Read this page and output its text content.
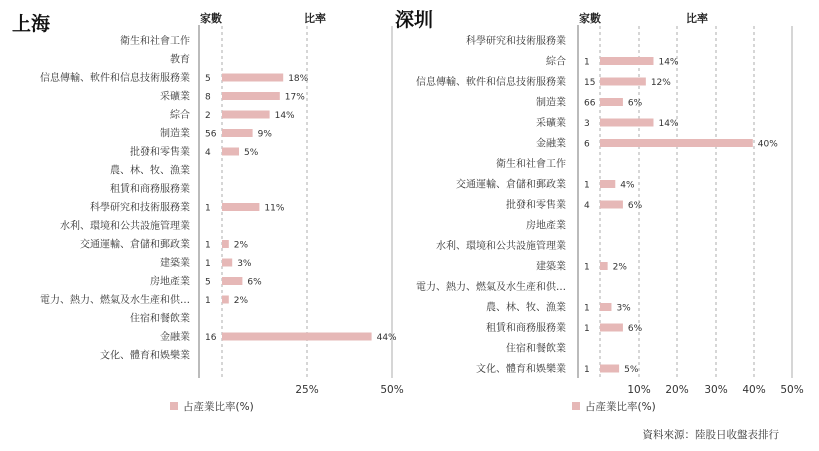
上海	家數	比率
衛生和社會工作
教育
信息傳輸、軟件和信息技術服務業 5	18%
采礦業 8	17%
綜合 2	14%
制造業 56	9%
批發和零售業 4	5%
農、林、牧、漁業
租賃和商務服務業
科學研究和技術服務業 1	11%
水利、環境和公共設施管理業
交通運輸、倉儲和郵政業 1	2%
建築業 1	3%
房地產業 5	6%
電力、熱力、燃氣及水生產和供… 1	2%
住宿和餐飲業
金融業 16	44%
文化、體育和娛樂業
25%	50%
占產業比率(%)
深圳	家數	比率
科學研究和技術服務業
綜合 1	14%
信息傳輸、軟件和信息技術服務業 15	12%
制造業 66	6%
采礦業 3	14%
金融業 6	40%
衛生和社會工作
交通運輸、倉儲和郵政業 1	4%
批發和零售業 4	6%
房地產業
水利、環境和公共設施管理業
建築業 1	2%
電力、熱力、燃氣及水生產和供…
農、林、牧、漁業 1	3%
租賃和商務服務業 1	6%
住宿和餐飲業
文化、體育和娛樂業 1	5%
10% 20% 30% 40% 50%
占產業比率(%)
資料來源：陸股日收盤表排行
